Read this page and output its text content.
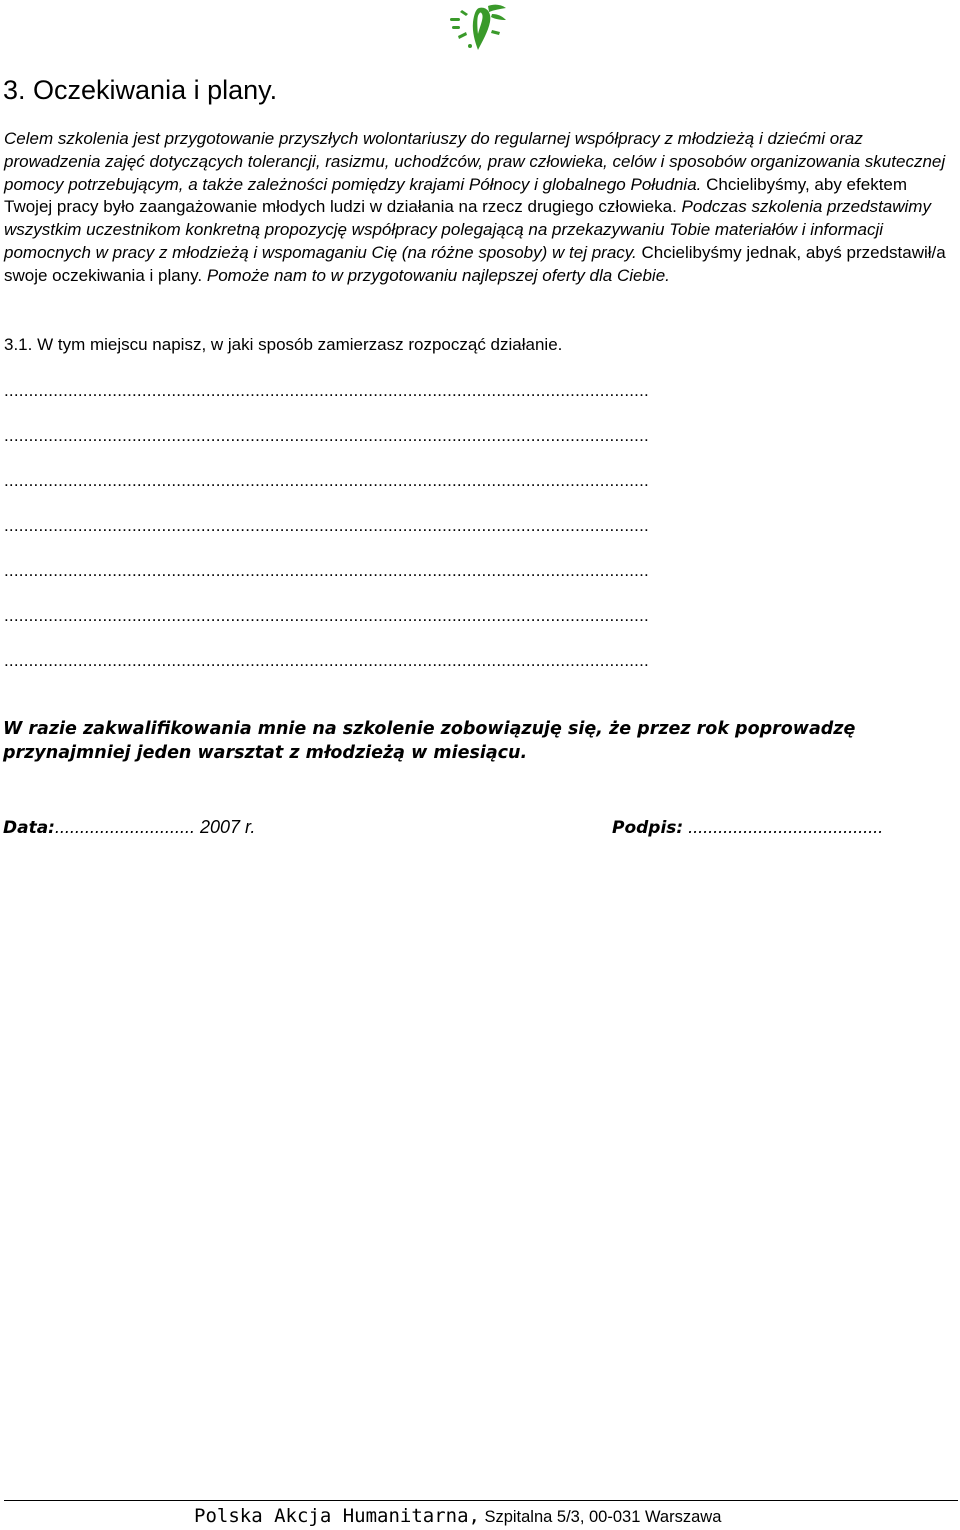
3. Oczekiwania i plany.

Celem szkolenia jest przygotowanie przyszłych wolontariuszy do regularnej współpracy z młodzieżą i dziećmi oraz prowadzenia zajęć dotyczących tolerancji, rasizmu, uchodźców, praw człowieka, celów i sposobów organizowania skutecznej pomocy potrzebującym, a także zależności pomiędzy krajami Północy i globalnego Południa. Chcielibyśmy, aby efektem Twojej pracy było zaangażowanie młodych ludzi w działania na rzecz drugiego człowieka. Podczas szkolenia przedstawimy wszystkim uczestnikom konkretną propozycję współpracy polegającą na przekazywaniu Tobie materiałów i informacji pomocnych w pracy z młodzieżą i wspomaganiu Cię (na różne sposoby) w tej pracy. Chcielibyśmy jednak, abyś przedstawił/a swoje oczekiwania i plany. Pomoże nam to w przygotowaniu najlepszej oferty dla Ciebie.

3.1. W tym miejscu napisz, w jaki sposób zamierzasz rozpocząć działanie.
...................................................................................................................................
...................................................................................................................................
...................................................................................................................................
...................................................................................................................................
...................................................................................................................................
...................................................................................................................................
...................................................................................................................................

W razie zakwalifikowania mnie na szkolenie zobowiązuję się, że przez rok poprowadzę przynajmniej jeden warsztat z młodzieżą w miesiącu.

Data:............................ 2007 r.	Podpis: .......................................
Polska Akcja Humanitarna, Szpitalna 5/3, 00-031 Warszawa
